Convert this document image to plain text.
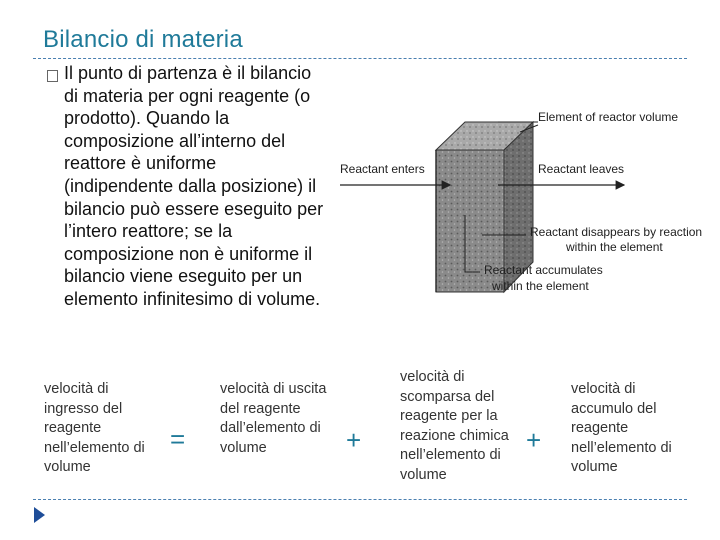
Bilancio di materia
Il punto di partenza è il bilancio di materia per ogni reagente (o prodotto). Quando la composizione all’interno del reattore è uniforme (indipendente dalla posizione) il bilancio può essere eseguito per l’intero reattore; se la composizione non è uniforme il bilancio viene eseguito per un elemento infinitesimo di volume.
Reactant enters	Reactant leaves
Element of reactor volume
Reactant disappears by reaction
within the element
Reactant accumulates
within the element
velocità di ingresso del reagente nell’elemento di volume
=
velocità di uscita del reagente dall’elemento di volume	+
velocità di scomparsa del reagente per la reazione chimica nell’elemento di volume
+
velocità di accumulo del reagente nell’elemento di volume
